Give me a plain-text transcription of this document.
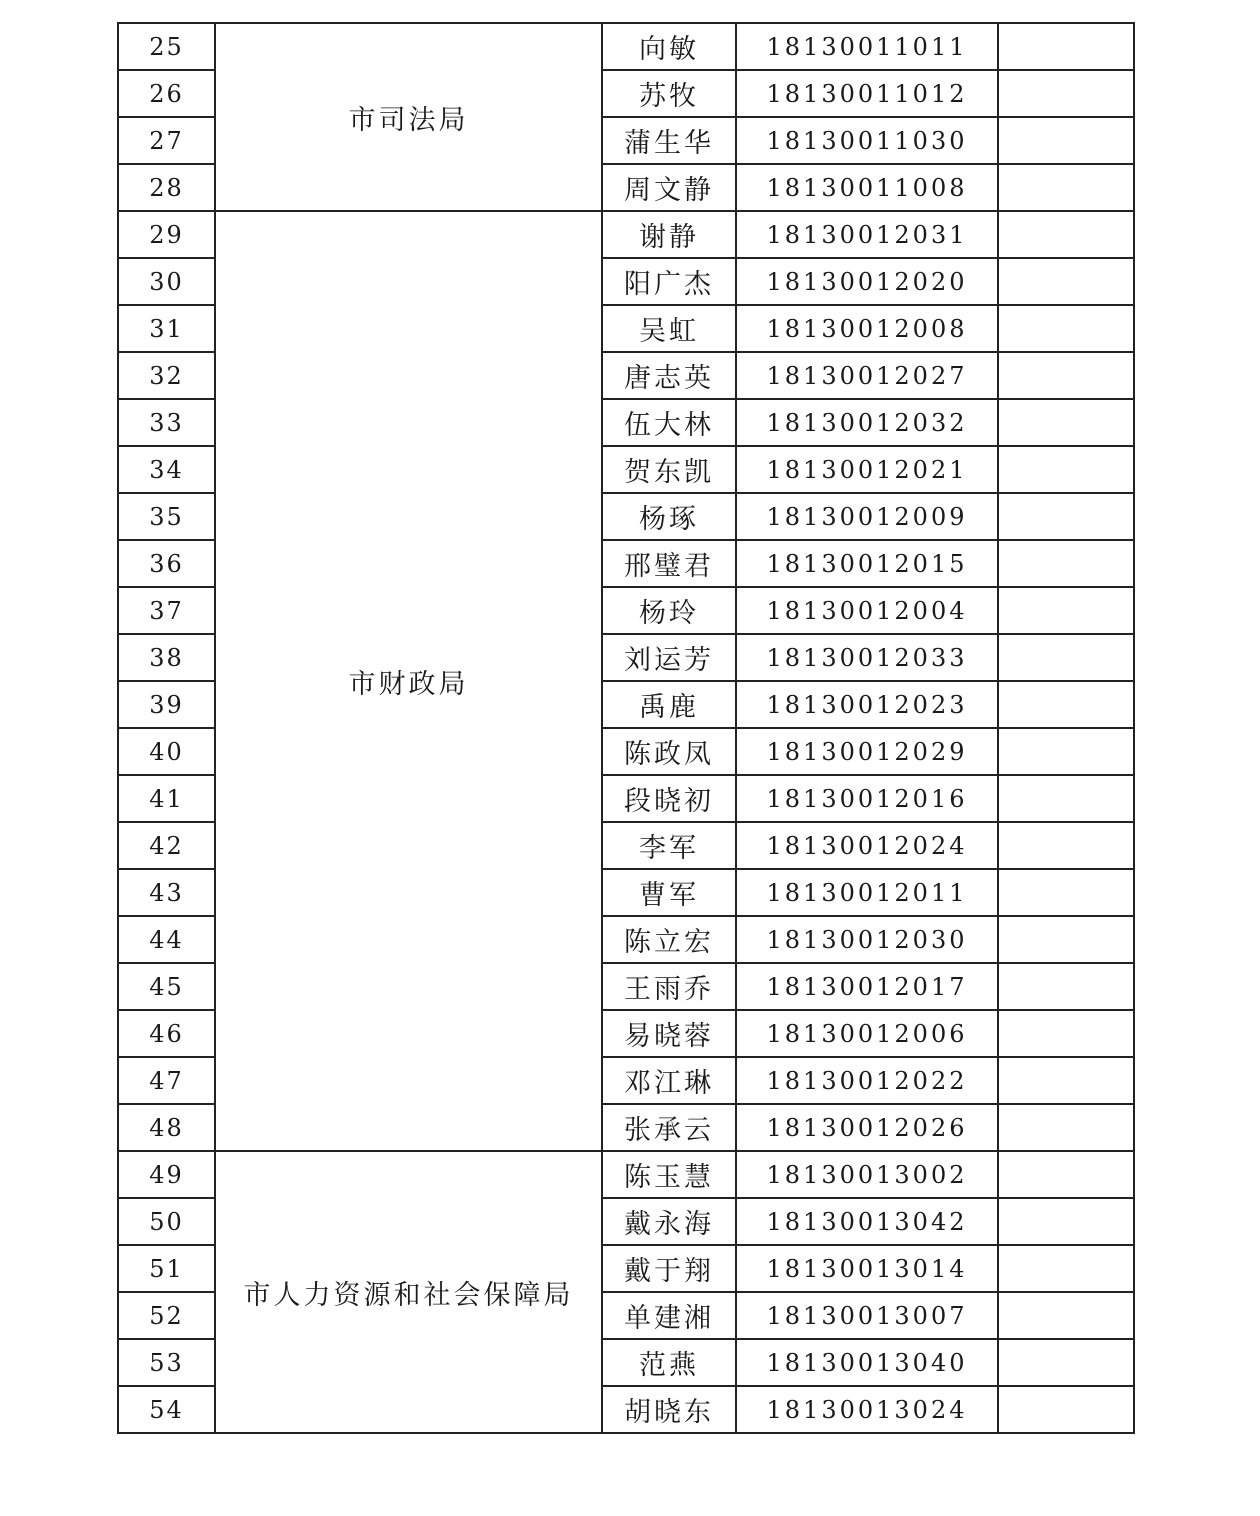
25	市司法局	向敏	18130011011	
26		苏牧	18130011012	
27		蒲生华	18130011030	
28		周文静	18130011008	
29	市财政局	谢静	18130012031	
30		阳广杰	18130012020	
31		吴虹	18130012008	
32		唐志英	18130012027	
33		伍大林	18130012032	
34		贺东凯	18130012021	
35		杨琢	18130012009	
36		邢璧君	18130012015	
37		杨玲	18130012004	
38		刘运芳	18130012033	
39		禹鹿	18130012023	
40		陈政凤	18130012029	
41		段晓初	18130012016	
42		李军	18130012024	
43		曹军	18130012011	
44		陈立宏	18130012030	
45		王雨乔	18130012017	
46		易晓蓉	18130012006	
47		邓江琳	18130012022	
48		张承云	18130012026	
49	市人力资源和社会保障局	陈玉慧	18130013002	
50		戴永海	18130013042	
51		戴于翔	18130013014	
52		单建湘	18130013007	
53		范燕	18130013040	
54		胡晓东	18130013024	
